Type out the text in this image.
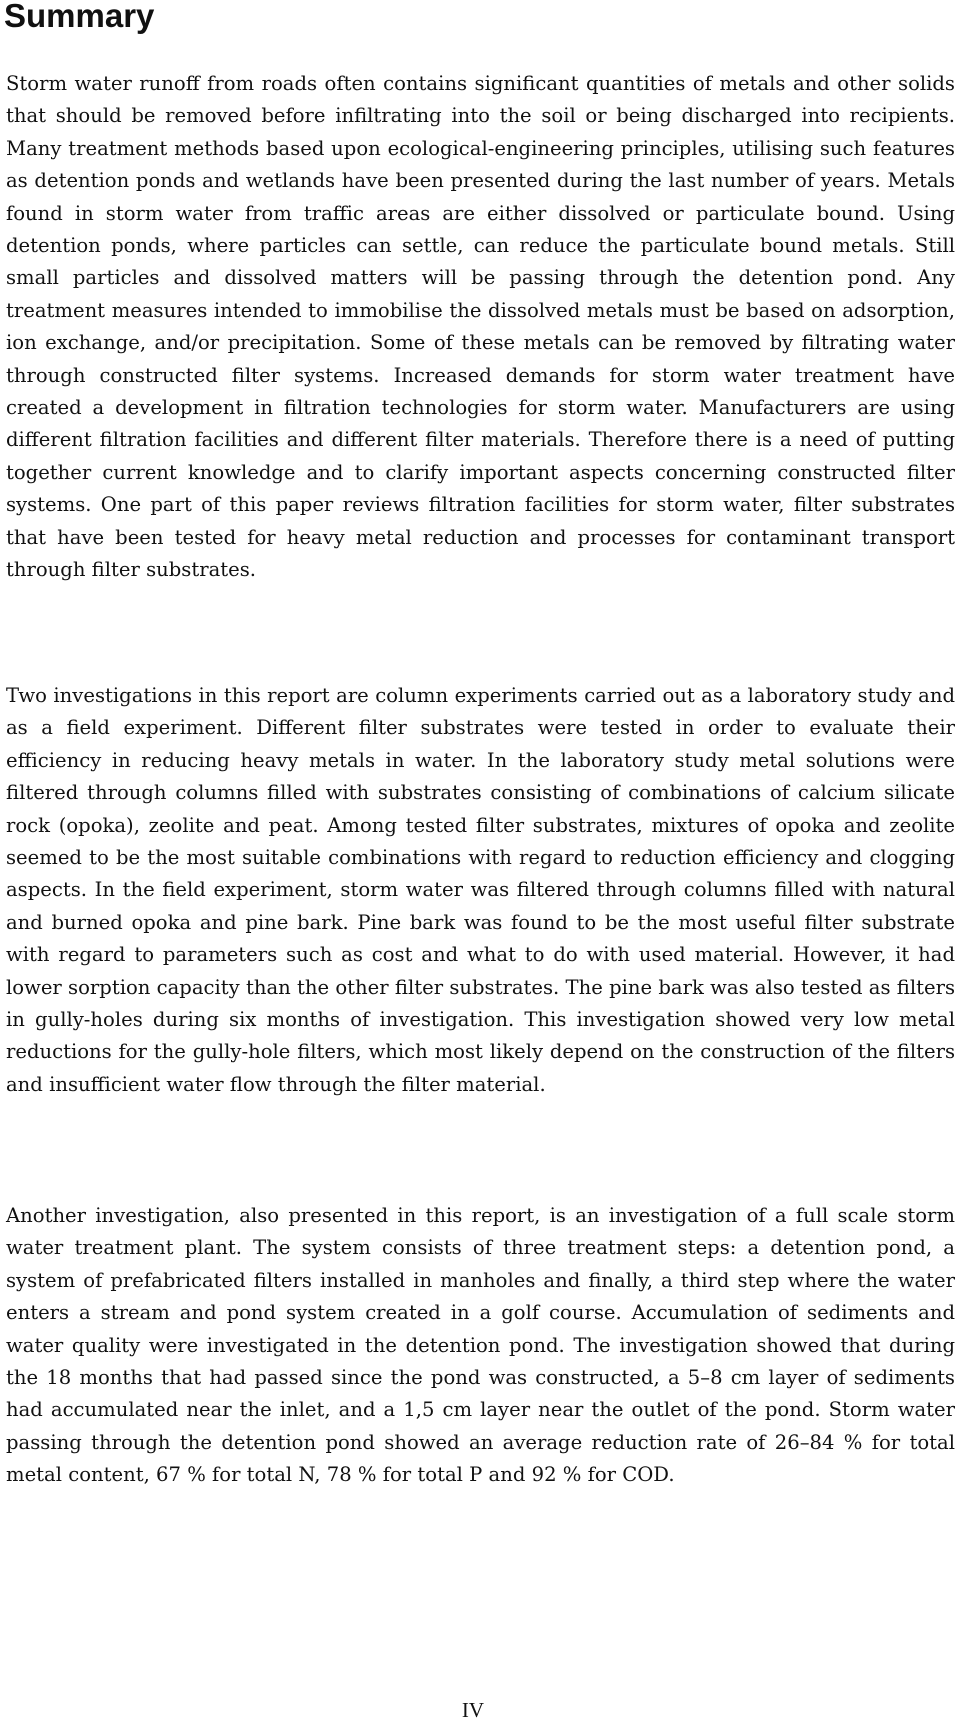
Summary

Storm water runoff from roads often contains significant quantities of metals and other solids that should be removed before infiltrating into the soil or being discharged into recipients. Many treatment methods based upon ecological-engineering principles, utilising such features as detention ponds and wetlands have been presented during the last number of years. Metals found in storm water from traffic areas are either dissolved or particulate bound. Using detention ponds, where particles can settle, can reduce the particulate bound metals. Still small particles and dissolved matters will be passing through the detention pond. Any treatment measures intended to immobilise the dissolved metals must be based on adsorption, ion exchange, and/or precipitation. Some of these metals can be removed by filtrating water through constructed filter systems. Increased demands for storm water treatment have created a development in filtration technologies for storm water. Manufacturers are using different filtration facilities and different filter materials. Therefore there is a need of putting together current knowledge and to clarify important aspects concerning constructed filter systems. One part of this paper reviews filtration facilities for storm water, filter substrates that have been tested for heavy metal reduction and processes for contaminant transport through filter substrates.

Two investigations in this report are column experiments carried out as a laboratory study and as a field experiment. Different filter substrates were tested in order to evaluate their efficiency in reducing heavy metals in water. In the laboratory study metal solutions were filtered through columns filled with substrates consisting of combinations of calcium silicate rock (opoka), zeolite and peat. Among tested filter substrates, mixtures of opoka and zeolite seemed to be the most suitable combinations with regard to reduction efficiency and clogging aspects. In the field experiment, storm water was filtered through columns filled with natural and burned opoka and pine bark. Pine bark was found to be the most useful filter substrate with regard to parameters such as cost and what to do with used material. However, it had lower sorption capacity than the other filter substrates. The pine bark was also tested as filters in gully-holes during six months of investigation. This investigation showed very low metal reductions for the gully-hole filters, which most likely depend on the construction of the filters and insufficient water flow through the filter material.

Another investigation, also presented in this report, is an investigation of a full scale storm water treatment plant. The system consists of three treatment steps: a detention pond, a system of prefabricated filters installed in manholes and finally, a third step where the water enters a stream and pond system created in a golf course. Accumulation of sediments and water quality were investigated in the detention pond. The investigation showed that during the 18 months that had passed since the pond was constructed, a 5–8 cm layer of sediments had accumulated near the inlet, and a 1,5 cm layer near the outlet of the pond. Storm water passing through the detention pond showed an average reduction rate of 26–84 % for total metal content, 67 % for total N, 78 % for total P and 92 % for COD.

IV
